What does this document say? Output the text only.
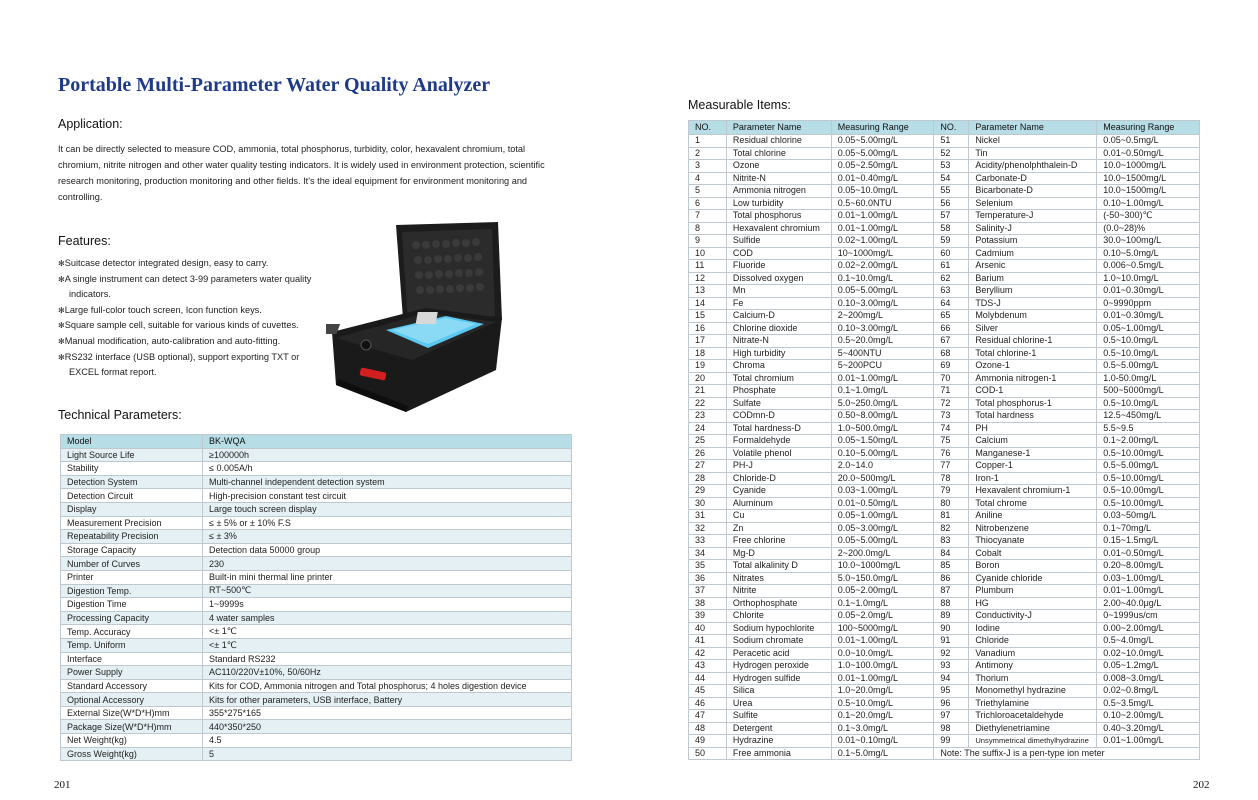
Portable Multi-Parameter Water Quality Analyzer
Application:
It can be directly selected to measure COD, ammonia, total phosphorus, turbidity, color, hexavalent chromium, total chromium, nitrite nitrogen and other water quality testing indicators. It is widely used in environment protection, scientific research monitoring, production monitoring and other fields. It's the ideal equipment for environment monitoring and controlling.
Features:
✻ Suitcase detector integrated design, easy to carry.
✻ A single instrument can detect 3-99 parameters water quality indicators.
✻ Large full-color touch screen, Icon function keys.
✻ Square sample cell, suitable for various kinds of cuvettes.
✻ Manual modification, auto-calibration and auto-fitting.
✻ RS232 interface (USB optional), support exporting TXT or EXCEL format report.
Technical Parameters:
Model	BK-WQA
Light Source Life	≥100000h
Stability	≤ 0.005A/h
Detection System	Multi-channel independent detection system
Detection Circuit	High-precision constant test circuit
Display	Large touch screen display
Measurement Precision	≤ ± 5% or ± 10% F.S
Repeatability Precision	≤ ± 3%
Storage Capacity	Detection data 50000 group
Number of Curves	230
Printer	Built-in mini thermal line printer
Digestion Temp.	RT~500℃
Digestion Time	1~9999s
Processing Capacity	4 water samples
Temp. Accuracy	<± 1℃
Temp. Uniform	<± 1℃
Interface	Standard RS232
Power Supply	AC110/220V±10%, 50/60Hz
Standard Accessory	Kits for COD, Ammonia nitrogen and Total phosphorus; 4 holes digestion device
Optional Accessory	Kits for other parameters, USB interface, Battery
External Size(W*D*H)mm	355*275*165
Package Size(W*D*H)mm	440*350*250
Net Weight(kg)	4.5
Gross Weight(kg)	5
Measurable Items:
NO.	Parameter Name	Measuring Range	NO.	Parameter Name	Measuring Range
1	Residual chlorine	0.05~5.00mg/L	51	Nickel	0.05~0.5mg/L
2	Total chlorine	0.05~5.00mg/L	52	Tin	0.01~0.50mg/L
3	Ozone	0.05~2.50mg/L	53	Acidity/phenolphthalein-D	10.0~1000mg/L
4	Nitrite-N	0.01~0.40mg/L	54	Carbonate-D	10.0~1500mg/L
5	Ammonia nitrogen	0.05~10.0mg/L	55	Bicarbonate-D	10.0~1500mg/L
6	Low turbidity	0.5~60.0NTU	56	Selenium	0.10~1.00mg/L
7	Total phosphorus	0.01~1.00mg/L	57	Temperature-J	(-50~300)℃
8	Hexavalent chromium	0.01~1.00mg/L	58	Salinity-J	(0.0~28)%
9	Sulfide	0.02~1.00mg/L	59	Potassium	30.0~100mg/L
10	COD	10~1000mg/L	60	Cadmium	0.10~5.0mg/L
11	Fluoride	0.02~2.00mg/L	61	Arsenic	0.006~0.5mg/L
12	Dissolved oxygen	0.1~10.0mg/L	62	Barium	1.0~10.0mg/L
13	Mn	0.05~5.00mg/L	63	Beryllium	0.01~0.30mg/L
14	Fe	0.10~3.00mg/L	64	TDS-J	0~9990ppm
15	Calcium-D	2~200mg/L	65	Molybdenum	0.01~0.30mg/L
16	Chlorine dioxide	0.10~3.00mg/L	66	Silver	0.05~1.00mg/L
17	Nitrate-N	0.5~20.0mg/L	67	Residual chlorine-1	0.5~10.0mg/L
18	High turbidity	5~400NTU	68	Total chlorine-1	0.5~10.0mg/L
19	Chroma	5~200PCU	69	Ozone-1	0.5~5.00mg/L
20	Total chromium	0.01~1.00mg/L	70	Ammonia nitrogen-1	1.0-50.0mg/L
21	Phosphate	0.1~1.0mg/L	71	COD-1	500~5000mg/L
22	Sulfate	5.0~250.0mg/L	72	Total phosphorus-1	0.5~10.0mg/L
23	CODmn-D	0.50~8.00mg/L	73	Total hardness	12.5~450mg/L
24	Total hardness-D	1.0~500.0mg/L	74	PH	5.5~9.5
25	Formaldehyde	0.05~1.50mg/L	75	Calcium	0.1~2.00mg/L
26	Volatile phenol	0.10~5.00mg/L	76	Manganese-1	0.5~10.00mg/L
27	PH-J	2.0~14.0	77	Copper-1	0.5~5.00mg/L
28	Chloride-D	20.0~500mg/L	78	Iron-1	0.5~10.00mg/L
29	Cyanide	0.03~1.00mg/L	79	Hexavalent chromium-1	0.5~10.00mg/L
30	Aluminum	0.01~0.50mg/L	80	Total chrome	0.5~10.00mg/L
31	Cu	0.05~1.00mg/L	81	Aniline	0.03~50mg/L
32	Zn	0.05~3.00mg/L	82	Nitrobenzene	0.1~70mg/L
33	Free chlorine	0.05~5.00mg/L	83	Thiocyanate	0.15~1.5mg/L
34	Mg-D	2~200.0mg/L	84	Cobalt	0.01~0.50mg/L
35	Total alkalinity D	10.0~1000mg/L	85	Boron	0.20~8.00mg/L
36	Nitrates	5.0~150.0mg/L	86	Cyanide chloride	0.03~1.00mg/L
37	Nitrite	0.05~2.00mg/L	87	Plumbum	0.01~1.00mg/L
38	Orthophosphate	0.1~1.0mg/L	88	HG	2.00~40.0μg/L
39	Chlorite	0.05~2.0mg/L	89	Conductivity-J	0~1999us/cm
40	Sodium hypochlorite	100~5000mg/L	90	Iodine	0.00~2.00mg/L
41	Sodium chromate	0.01~1.00mg/L	91	Chloride	0.5~4.0mg/L
42	Peracetic acid	0.0~10.0mg/L	92	Vanadium	0.02~10.0mg/L
43	Hydrogen peroxide	1.0~100.0mg/L	93	Antimony	0.05~1.2mg/L
44	Hydrogen sulfide	0.01~1.00mg/L	94	Thorium	0.008~3.0mg/L
45	Silica	1.0~20.0mg/L	95	Monomethyl hydrazine	0.02~0.8mg/L
46	Urea	0.5~10.0mg/L	96	Triethylamine	0.5~3.5mg/L
47	Sulfite	0.1~20.0mg/L	97	Trichloroacetaldehyde	0.10~2.00mg/L
48	Detergent	0.1~3.0mg/L	98	Diethylenetriamine	0.40~3.20mg/L
49	Hydrazine	0.01~0.10mg/L	99	Unsymmetrical dimethylhydrazine	0.01~1.00mg/L
50	Free ammonia	0.1~5.0mg/L	Note: The suffix-J is a pen-type ion meter		
201	202
